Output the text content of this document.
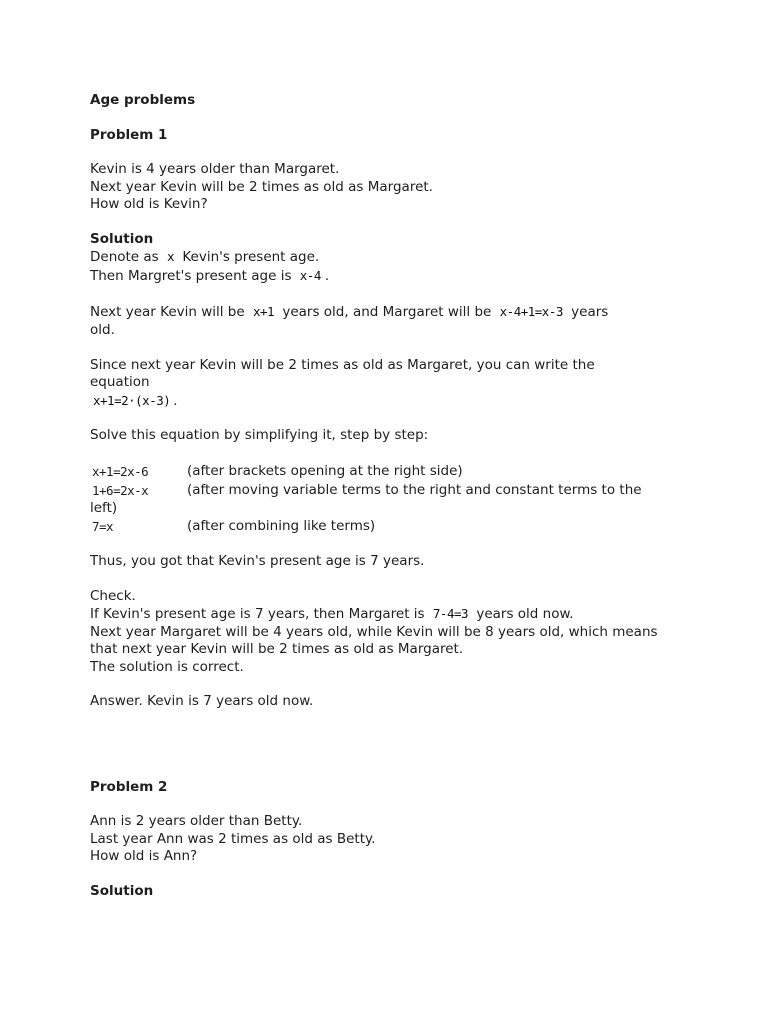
Age problems

Problem 1

Kevin is 4 years older than Margaret.

Next year Kevin will be 2 times as old as Margaret.

How old is Kevin?

Solution

Denote as x Kevin's present age.

Then Margret's present age is x-4 .

Next year Kevin will be x+1 years old, and Margaret will be x-4+1=x-3 years

old.

Since next year Kevin will be 2 times as old as Margaret, you can write the

equation

x+1=2·(x-3) .

Solve this equation by simplifying it, step by step:

x+1=2x-6	(after brackets opening at the right side)
1+6=2x-x	(after moving variable terms to the right and constant terms to the

left)

7=x	(after combining like terms)

Thus, you got that Kevin's present age is 7 years.

Check.

If Kevin's present age is 7 years, then Margaret is 7-4=3 years old now.

Next year Margaret will be 4 years old, while Kevin will be 8 years old, which means

that next year Kevin will be 2 times as old as Margaret.

The solution is correct.

Answer. Kevin is 7 years old now.

Problem 2

Ann is 2 years older than Betty.

Last year Ann was 2 times as old as Betty.

How old is Ann?

Solution
